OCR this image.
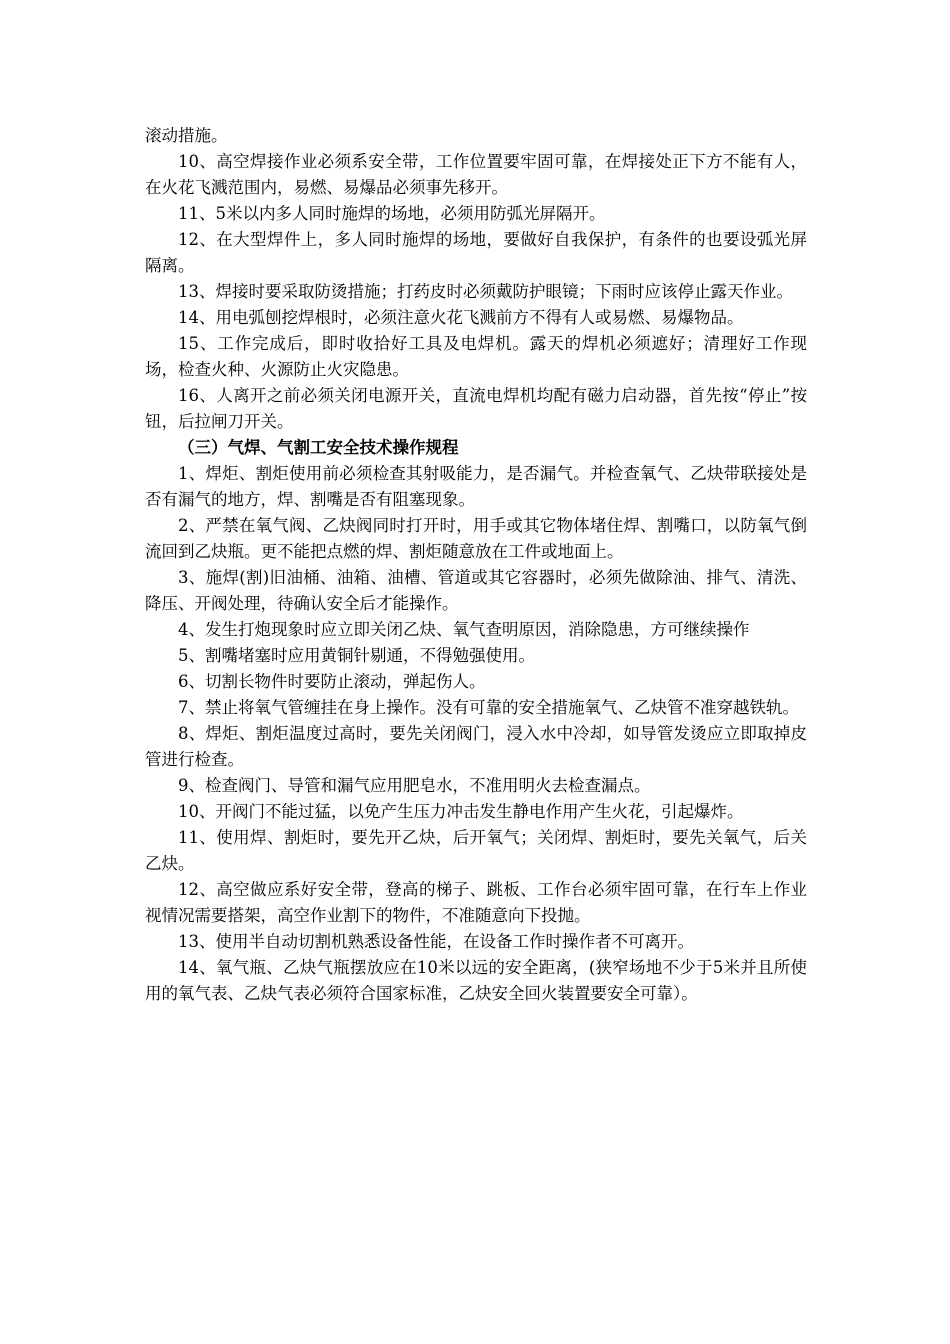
滚动措施。

10、高空焊接作业必须系安全带，工作位置要牢固可靠，在焊接处正下方不能有人，在火花飞溅范围内，易燃、易爆品必须事先移开。

11、5米以内多人同时施焊的场地，必须用防弧光屏隔开。

12、在大型焊件上，多人同时施焊的场地，要做好自我保护，有条件的也要设弧光屏隔离。

13、焊接时要采取防烫措施；打药皮时必须戴防护眼镜；下雨时应该停止露天作业。

14、用电弧刨挖焊根时，必须注意火花飞溅前方不得有人或易燃、易爆物品。

15、工作完成后，即时收拾好工具及电焊机。露天的焊机必须遮好；清理好工作现场，检查火种、火源防止火灾隐患。

16、人离开之前必须关闭电源开关，直流电焊机均配有磁力启动器，首先按“停止”按钮，后拉闸刀开关。

（三）气焊、气割工安全技术操作规程

1、焊炬、割炬使用前必须检查其射吸能力，是否漏气。并检查氧气、乙炔带联接处是否有漏气的地方，焊、割嘴是否有阻塞现象。

2、严禁在氧气阀、乙炔阀同时打开时，用手或其它物体堵住焊、割嘴口，以防氧气倒流回到乙炔瓶。更不能把点燃的焊、割炬随意放在工件或地面上。

3、施焊(割)旧油桶、油箱、油槽、管道或其它容器时，必须先做除油、排气、清洗、降压、开阀处理，待确认安全后才能操作。

4、发生打炮现象时应立即关闭乙炔、氧气查明原因，消除隐患，方可继续操作

5、割嘴堵塞时应用黄铜针剔通，不得勉强使用。

6、切割长物件时要防止滚动，弹起伤人。

7、禁止将氧气管缠挂在身上操作。没有可靠的安全措施氧气、乙炔管不准穿越铁轨。

8、焊炬、割炬温度过高时，要先关闭阀门，浸入水中冷却，如导管发烫应立即取掉皮管进行检查。

9、检查阀门、导管和漏气应用肥皂水，不准用明火去检查漏点。

10、开阀门不能过猛，以免产生压力冲击发生静电作用产生火花，引起爆炸。

11、使用焊、割炬时，要先开乙炔，后开氧气；关闭焊、割炬时，要先关氧气，后关乙炔。

12、高空做应系好安全带，登高的梯子、跳板、工作台必须牢固可靠，在行车上作业视情况需要搭架，高空作业割下的物件，不准随意向下投抛。

13、使用半自动切割机熟悉设备性能，在设备工作时操作者不可离开。

14、氧气瓶、乙炔气瓶摆放应在10米以远的安全距离，(狭窄场地不少于5米并且所使用的氧气表、乙炔气表必须符合国家标准，乙炔安全回火装置要安全可靠）。
